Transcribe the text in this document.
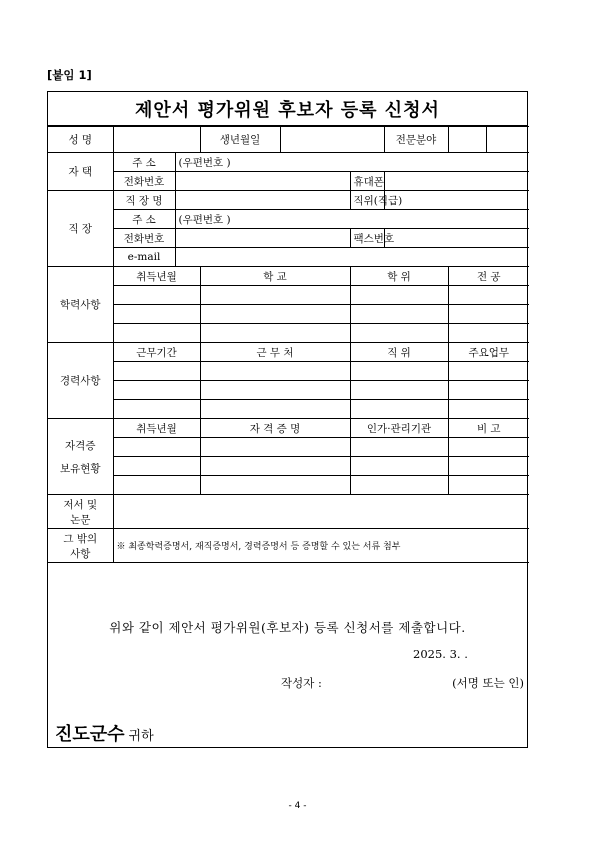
[붙임 1]
제안서 평가위원 후보자 등록 신청서
성 명			생년월일			전문분야		
자 택	주 소	(우편번호 )						
	전화번호				휴대폰			
직 장	직 장 명				직위(직급)			
	주 소	(우편번호 )						
	전화번호				팩스번호			
	e-mail							
학력사항	취득년월		학 교		학 위		전 공	

경력사항	근무기간		근 무 처		직 위		주요업무	

자격증
보유현황	취득년월		자 격 증 명		인가·관리기관		비 고	

저서 및
논문								

그 밖의
사항	※ 최종학력증명서, 재직증명서, 경력증명서 등 증명할 수 있는 서류 첨부							
위와 같이 제안서 평가위원(후보자) 등록 신청서를 제출합니다.
2025. 3. .
작성자 :	(서명 또는 인)
진도군수 귀하
- 4 -
